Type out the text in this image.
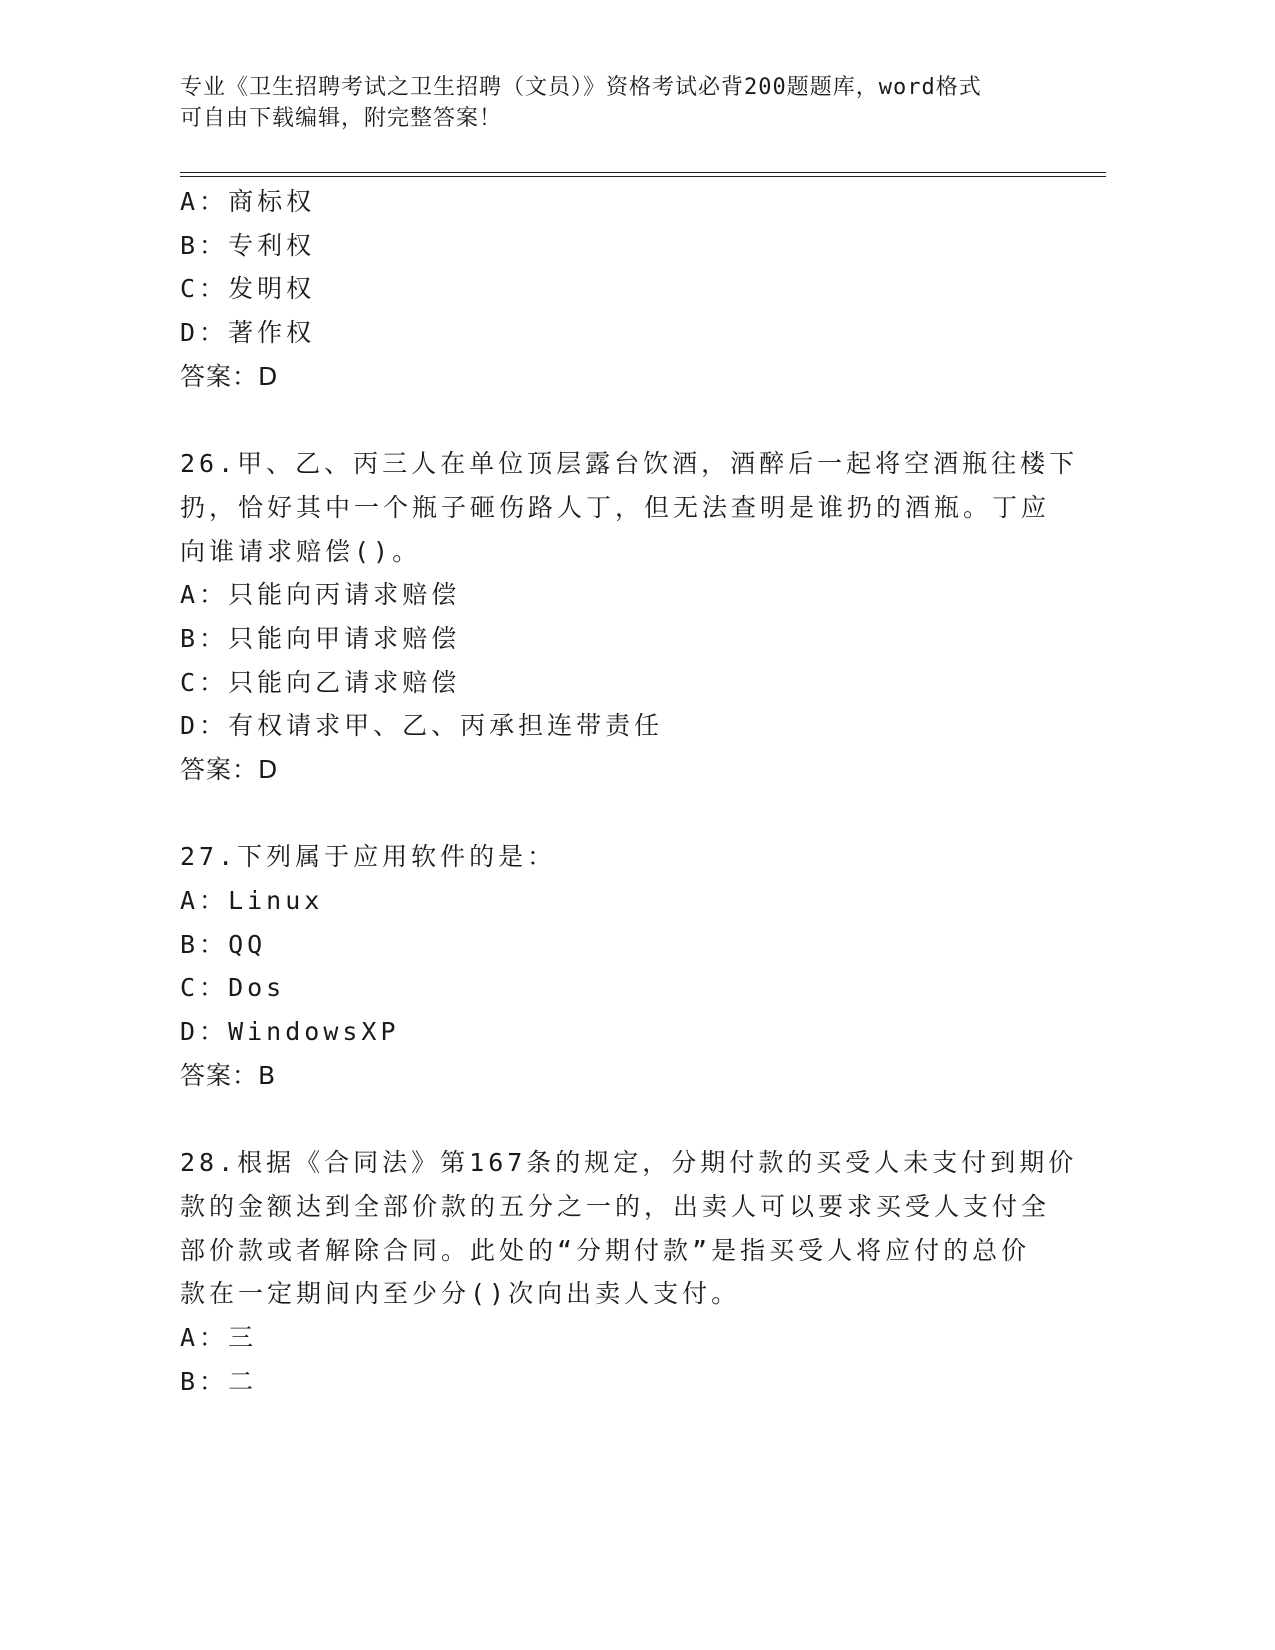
专业《卫生招聘考试之卫生招聘（文员）》资格考试必背200题题库，word格式
可自由下载编辑，附完整答案！
A：商标权
B：专利权
C：发明权
D：著作权
答案：D
26.甲、乙、丙三人在单位顶层露台饮酒，酒醉后一起将空酒瓶往楼下
扔，恰好其中一个瓶子砸伤路人丁，但无法查明是谁扔的酒瓶。丁应
向谁请求赔偿()。
A：只能向丙请求赔偿
B：只能向甲请求赔偿
C：只能向乙请求赔偿
D：有权请求甲、乙、丙承担连带责任
答案：D
27.下列属于应用软件的是：
A：Linux
B：QQ
C：Dos
D：WindowsXP
答案：B
28.根据《合同法》第167条的规定，分期付款的买受人未支付到期价
款的金额达到全部价款的五分之一的，出卖人可以要求买受人支付全
部价款或者解除合同。此处的“分期付款”是指买受人将应付的总价
款在一定期间内至少分()次向出卖人支付。
A：三
B：二
